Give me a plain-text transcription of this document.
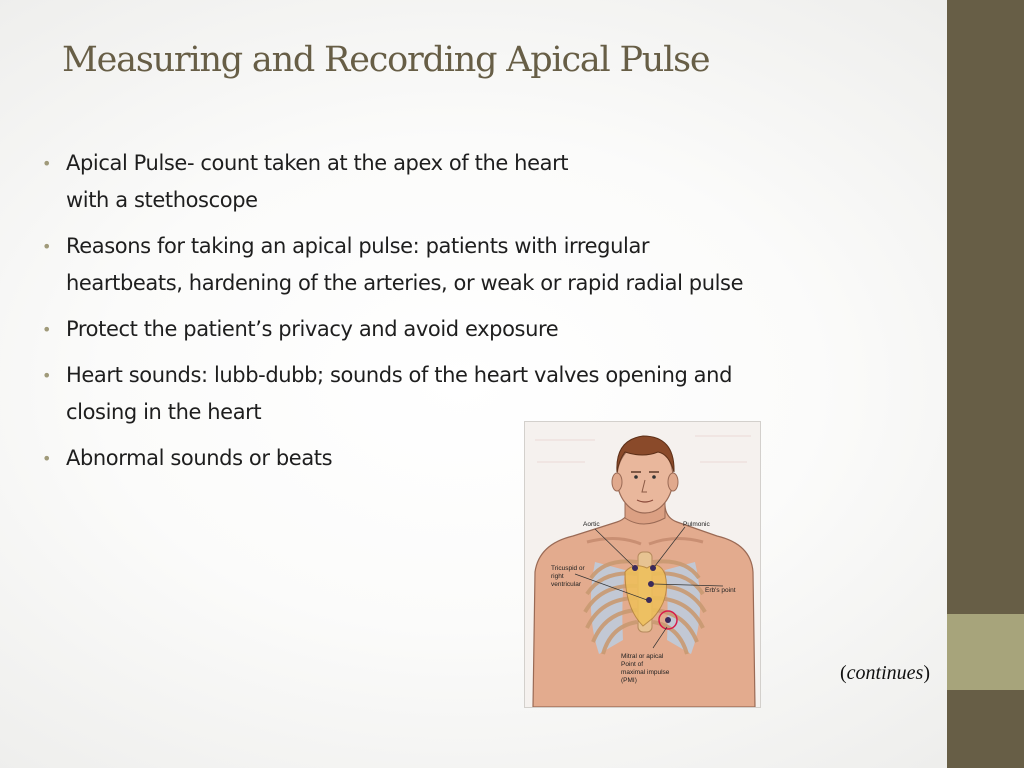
Measuring and Recording Apical Pulse
• Apical Pulse- count taken at the apex of the heart
with a stethoscope
• Reasons for taking an apical pulse: patients with irregular
heartbeats, hardening of the arteries, or weak or rapid radial pulse
• Protect the patient’s privacy and avoid exposure
• Heart sounds: lubb-dubb; sounds of the heart valves opening and
closing in the heart
• Abnormal sounds or beats
Aortic	Pulmonic
Tricuspid or
right
ventricular
Erb's point
Mitral or apical
Point of
maximal impulse
(PMI)	(continues)
